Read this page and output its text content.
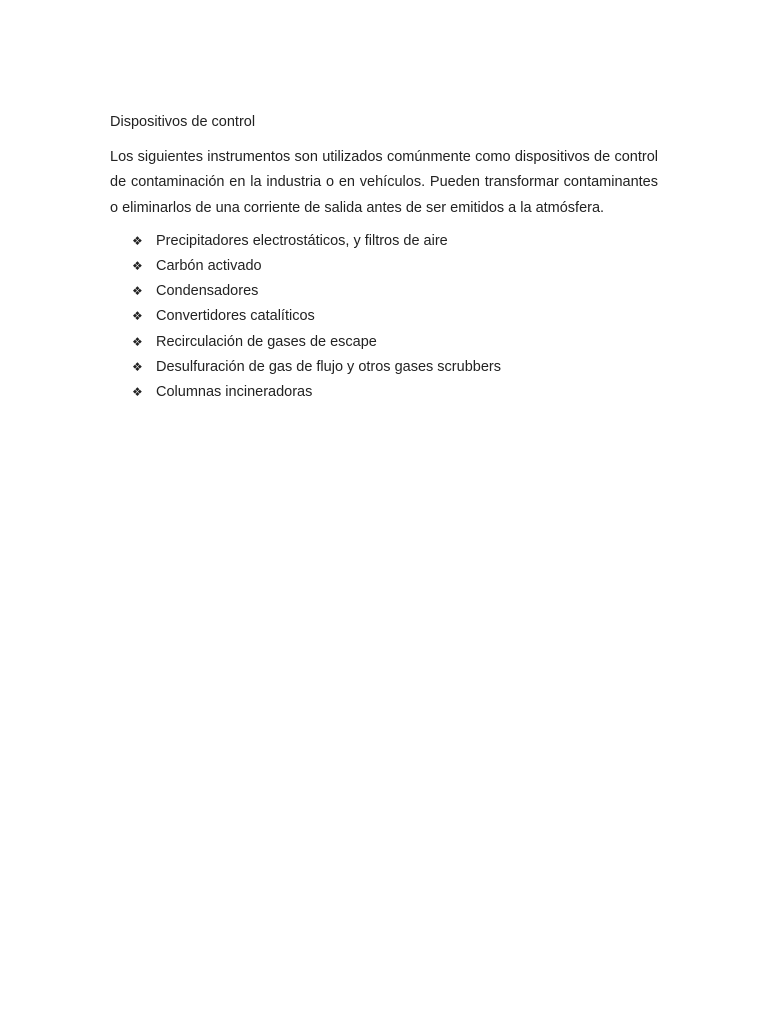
Dispositivos de control

Los siguientes instrumentos son utilizados comúnmente como dispositivos de control de contaminación en la industria o en vehículos. Pueden transformar contaminantes o eliminarlos de una corriente de salida antes de ser emitidos a la atmósfera.

❖ Precipitadores electrostáticos, y filtros de aire
❖ Carbón activado
❖ Condensadores
❖ Convertidores catalíticos
❖ Recirculación de gases de escape
❖ Desulfuración de gas de flujo y otros gases scrubbers
❖ Columnas incineradoras
